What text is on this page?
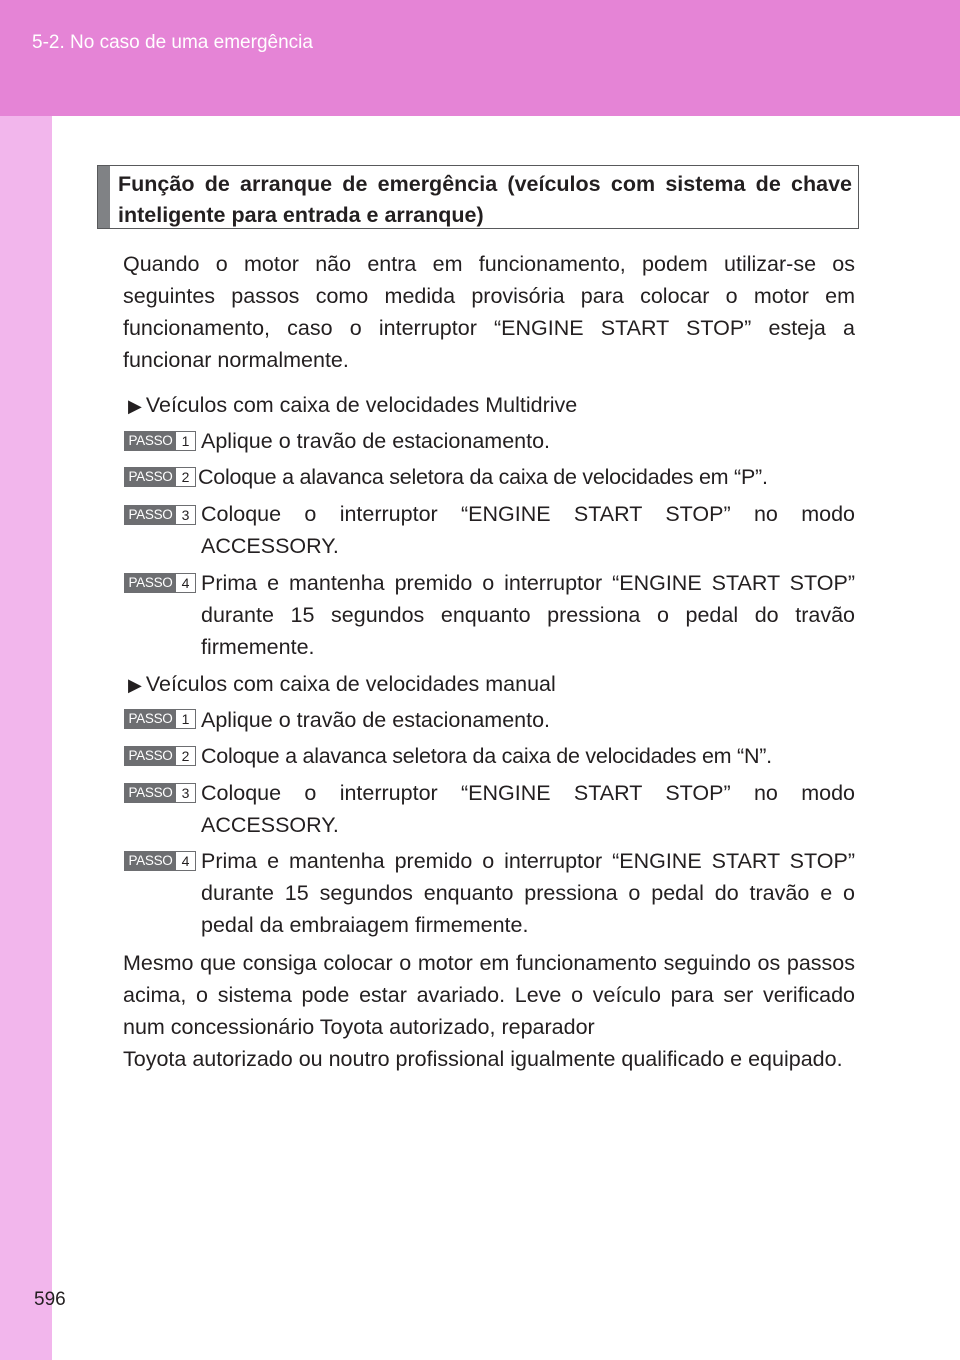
5-2. No caso de uma emergência
596
Função de arranque de emergência (veículos com sistema de chave inteligente para entrada e arranque)
Quando o motor não entra em funcionamento, podem utilizar-se os seguintes passos como medida provisória para colocar o motor em funcionamento, caso o interruptor “ENGINE START STOP” esteja a funcionar normalmente.
▶ Veículos com caixa de velocidades Multidrive
PASSO 1 Aplique o travão de estacionamento.
PASSO 2 Coloque a alavanca seletora da caixa de velocidades em “P”.
PASSO 3 Coloque o interruptor “ENGINE START STOP” no modo ACCESSORY.
PASSO 4 Prima e mantenha premido o interruptor “ENGINE START STOP” durante 15 segundos enquanto pressiona o pedal do travão firmemente.
▶ Veículos com caixa de velocidades manual
PASSO 1 Aplique o travão de estacionamento.
PASSO 2 Coloque a alavanca seletora da caixa de velocidades em “N”.
PASSO 3 Coloque o interruptor “ENGINE START STOP” no modo ACCESSORY.
PASSO 4 Prima e mantenha premido o interruptor “ENGINE START STOP” durante 15 segundos enquanto pressiona o pedal do travão e o pedal da embraiagem firmemente.
Mesmo que consiga colocar o motor em funcionamento seguindo os passos acima, o sistema pode estar avariado. Leve o veículo para ser verificado num concessionário Toyota autorizado, reparador
Toyota autorizado ou noutro profissional igualmente qualificado e equipado.
